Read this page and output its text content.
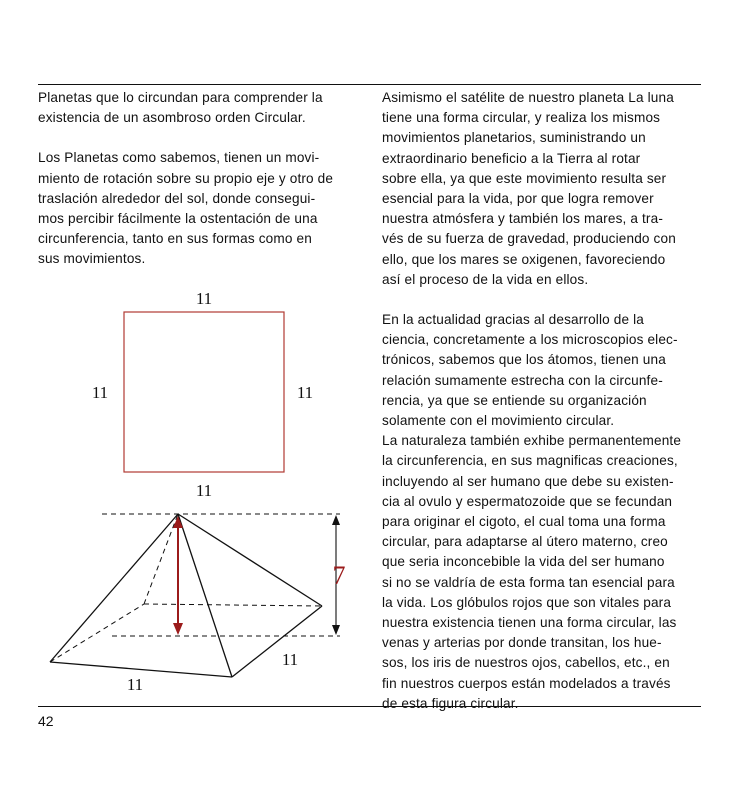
Planetas que lo circundan para comprender la
existencia de un asombroso orden Circular.

Los Planetas como sabemos, tienen un movi-
miento de rotación sobre su propio eje y otro de
traslación alrededor del sol, donde consegui-
mos percibir fácilmente la ostentación de una
circunferencia, tanto en sus formas como en
sus movimientos.

11
11	11
11
7
11
11

Asimismo el satélite de nuestro planeta La luna
tiene una forma circular, y realiza los mismos
movimientos planetarios, suministrando un
extraordinario beneficio a la Tierra al rotar
sobre ella, ya que este movimiento resulta ser
esencial para la vida, por que logra remover
nuestra atmósfera y también los mares, a tra-
vés de su fuerza de gravedad, produciendo con
ello, que los mares se oxigenen, favoreciendo
así el proceso de la vida en ellos.

En la actualidad gracias al desarrollo de la
ciencia, concretamente a los microscopios elec-
trónicos, sabemos que los átomos, tienen una
relación sumamente estrecha con la circunfe-
rencia, ya que se entiende su organización
solamente con el movimiento circular.

La naturaleza también exhibe permanentemente
la circunferencia, en sus magnificas creaciones,
incluyendo al ser humano que debe su existen-
cia al ovulo y espermatozoide que se fecundan
para originar el cigoto, el cual toma una forma
circular, para adaptarse al útero materno, creo
que seria inconcebible la vida del ser humano
si no se valdría de esta forma tan esencial para
la vida. Los glóbulos rojos que son vitales para
nuestra existencia tienen una forma circular, las
venas y arterias por donde transitan, los hue-
sos, los iris de nuestros ojos, cabellos, etc., en
fin nuestros cuerpos están modelados a través
de esta figura circular.

42
